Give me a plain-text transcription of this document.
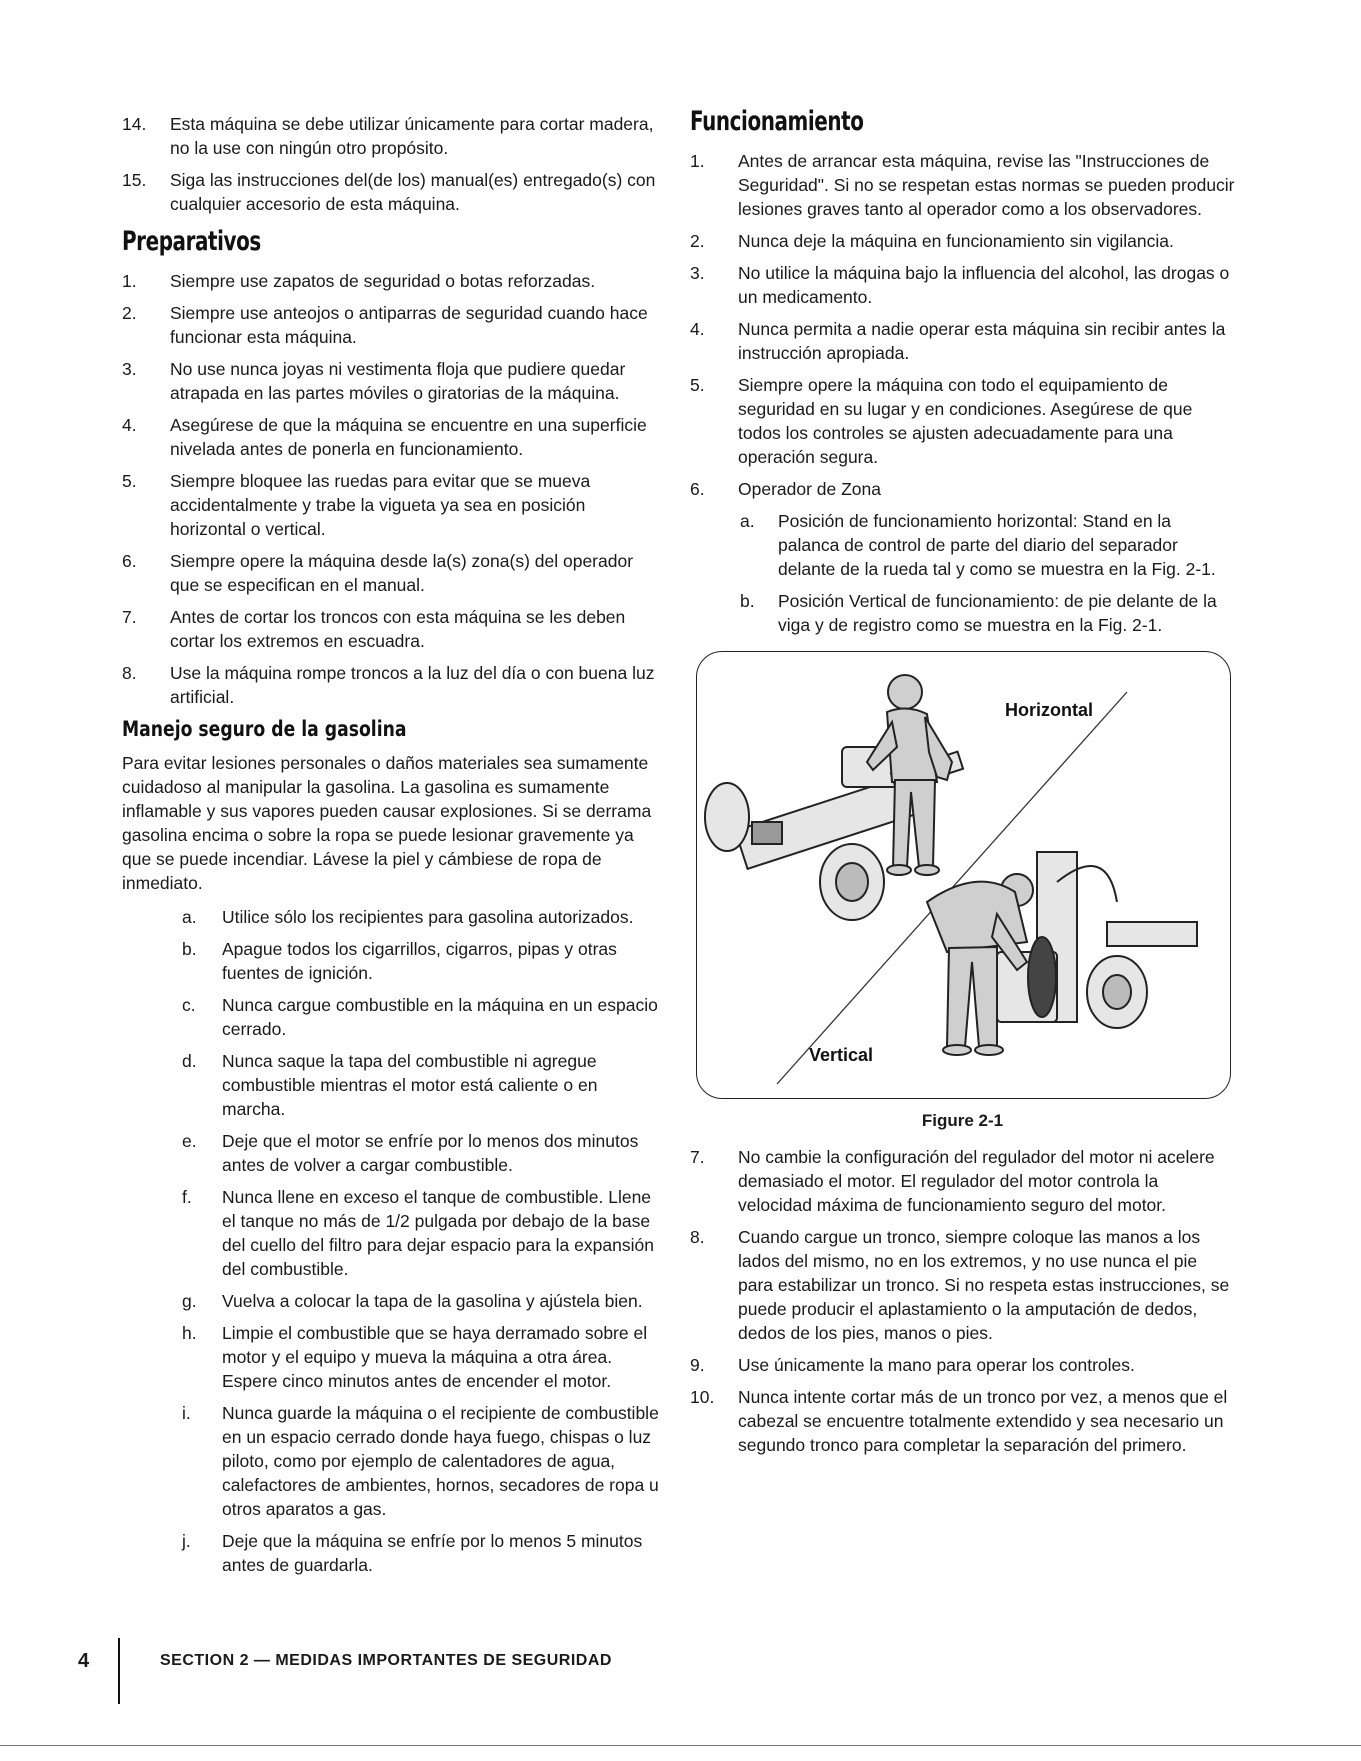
14.	Esta máquina se debe utilizar únicamente para cortar madera, no la use con ningún otro propósito.
15.	Siga las instrucciones del(de los) manual(es) entregado(s) con cualquier accesorio de esta máquina.
Preparativos
1.	Siempre use zapatos de seguridad o botas reforzadas.
2.	Siempre use anteojos o antiparras de seguridad cuando hace funcionar esta máquina.
3.	No use nunca joyas ni vestimenta floja que pudiere quedar atrapada en las partes móviles o giratorias de la máquina.
4.	Asegúrese de que la máquina se encuentre en una superficie nivelada antes de ponerla en funcionamiento.
5.	Siempre bloquee las ruedas para evitar que se mueva accidentalmente y trabe la vigueta ya sea en posición horizontal o vertical.
6.	Siempre opere la máquina desde la(s) zona(s) del operador que se especifican en el manual.
7.	Antes de cortar los troncos con esta máquina se les deben cortar los extremos en escuadra.
8.	Use la máquina rompe troncos a la luz del día o con buena luz artificial.
Manejo seguro de la gasolina

Para evitar lesiones personales o daños materiales sea sumamente cuidadoso al manipular la gasolina. La gasolina es sumamente inflamable y sus vapores pueden causar explosiones. Si se derrama gasolina encima o sobre la ropa se puede lesionar gravemente ya que se puede incendiar. Lávese la piel y cámbiese de ropa de inmediato.

a.	Utilice sólo los recipientes para gasolina autorizados.
b.	Apague todos los cigarrillos, cigarros, pipas y otras fuentes de ignición.
c.	Nunca cargue combustible en la máquina en un espacio cerrado.
d.	Nunca saque la tapa del combustible ni agregue combustible mientras el motor está caliente o en marcha.
e.	Deje que el motor se enfríe por lo menos dos minutos antes de volver a cargar combustible.
f.	Nunca llene en exceso el tanque de combustible. Llene el tanque no más de 1/2 pulgada por debajo de la base del cuello del filtro para dejar espacio para la expansión del combustible.
g.	Vuelva a colocar la tapa de la gasolina y ajústela bien.
h.	Limpie el combustible que se haya derramado sobre el motor y el equipo y mueva la máquina a otra área. Espere cinco minutos antes de encender el motor.
i.	Nunca guarde la máquina o el recipiente de combustible en un espacio cerrado donde haya fuego, chispas o luz piloto, como por ejemplo de calentadores de agua, calefactores de ambientes, hornos, secadores de ropa u otros aparatos a gas.
j.	Deje que la máquina se enfríe por lo menos 5 minutos antes de guardarla.
Funcionamiento
1.	Antes de arrancar esta máquina, revise las "Instrucciones de Seguridad". Si no se respetan estas normas se pueden producir lesiones graves tanto al operador como a los observadores.
2.	Nunca deje la máquina en funcionamiento sin vigilancia.
3.	No utilice la máquina bajo la influencia del alcohol, las drogas o un medicamento.
4.	Nunca permita a nadie operar esta máquina sin recibir antes la instrucción apropiada.
5.	Siempre opere la máquina con todo el equipamiento de seguridad en su lugar y en condiciones. Asegúrese de que todos los controles se ajusten adecuadamente para una operación segura.
6.	Operador de Zona
a.	Posición de funcionamiento horizontal: Stand en la palanca de control de parte del diario del separador delante de la rueda tal y como se muestra en la Fig. 2-1.
b.	Posición Vertical de funcionamiento: de pie delante de la viga y de registro como se muestra en la Fig. 2-1.
Horizontal
Vertical
Figure 2-1
7.	No cambie la configuración del regulador del motor ni acelere demasiado el motor. El regulador del motor controla la velocidad máxima de funcionamiento seguro del motor.
8.	Cuando cargue un tronco, siempre coloque las manos a los lados del mismo, no en los extremos, y no use nunca el pie para estabilizar un tronco. Si no respeta estas instrucciones, se puede producir el aplastamiento o la amputación de dedos, dedos de los pies, manos o pies.
9.	Use únicamente la mano para operar los controles.
10.	Nunca intente cortar más de un tronco por vez, a menos que el cabezal se encuentre totalmente extendido y sea necesario un segundo tronco para completar la separación del primero.
4	SECTION 2 — MEDIDAS IMPORTANTES DE SEGURIDAD
